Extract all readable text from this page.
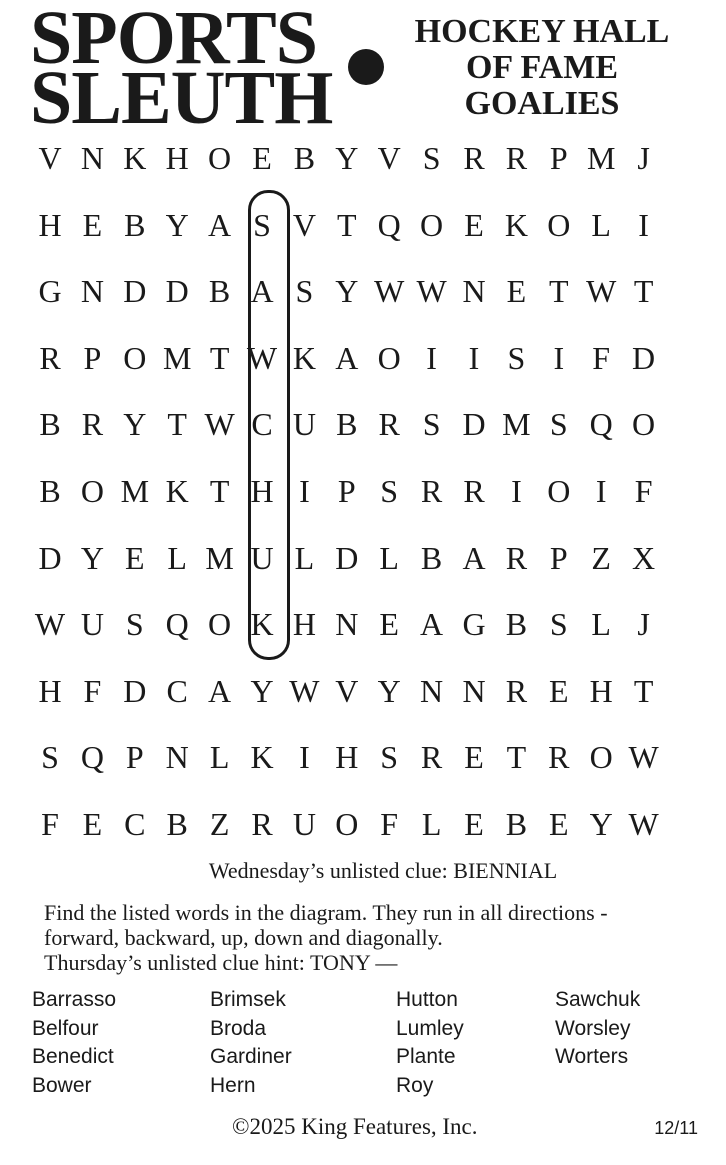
SPORTS
SLEUTH
HOCKEY HALL
OF FAME
GOALIES
V N K H O E B Y V S R R P M J
H E B Y A S V T Q O E K O L I
G N D D B A S Y W W N E T W T
R P O M T W K A O I I S I F D
B R Y T W C U B R S D M S Q O
B O M K T H I P S R R I O I F
D Y E L M U L D L B A R P Z X
W U S Q O K H N E A G B S L J
H F D C A Y W V Y N N R E H T
S Q P N L K I H S R E T R O W
F E C B Z R U O F L E B E Y W
Wednesday’s unlisted clue: BIENNIAL
Find the listed words in the diagram. They run in all directions -
forward, backward, up, down and diagonally.
Thursday’s unlisted clue hint: TONY —
Barrasso
Belfour
Benedict
Bower
Brimsek
Broda
Gardiner
Hern
Hutton
Lumley
Plante
Roy
Sawchuk
Worsley
Worters
©2025 King Features, Inc.	12/11
